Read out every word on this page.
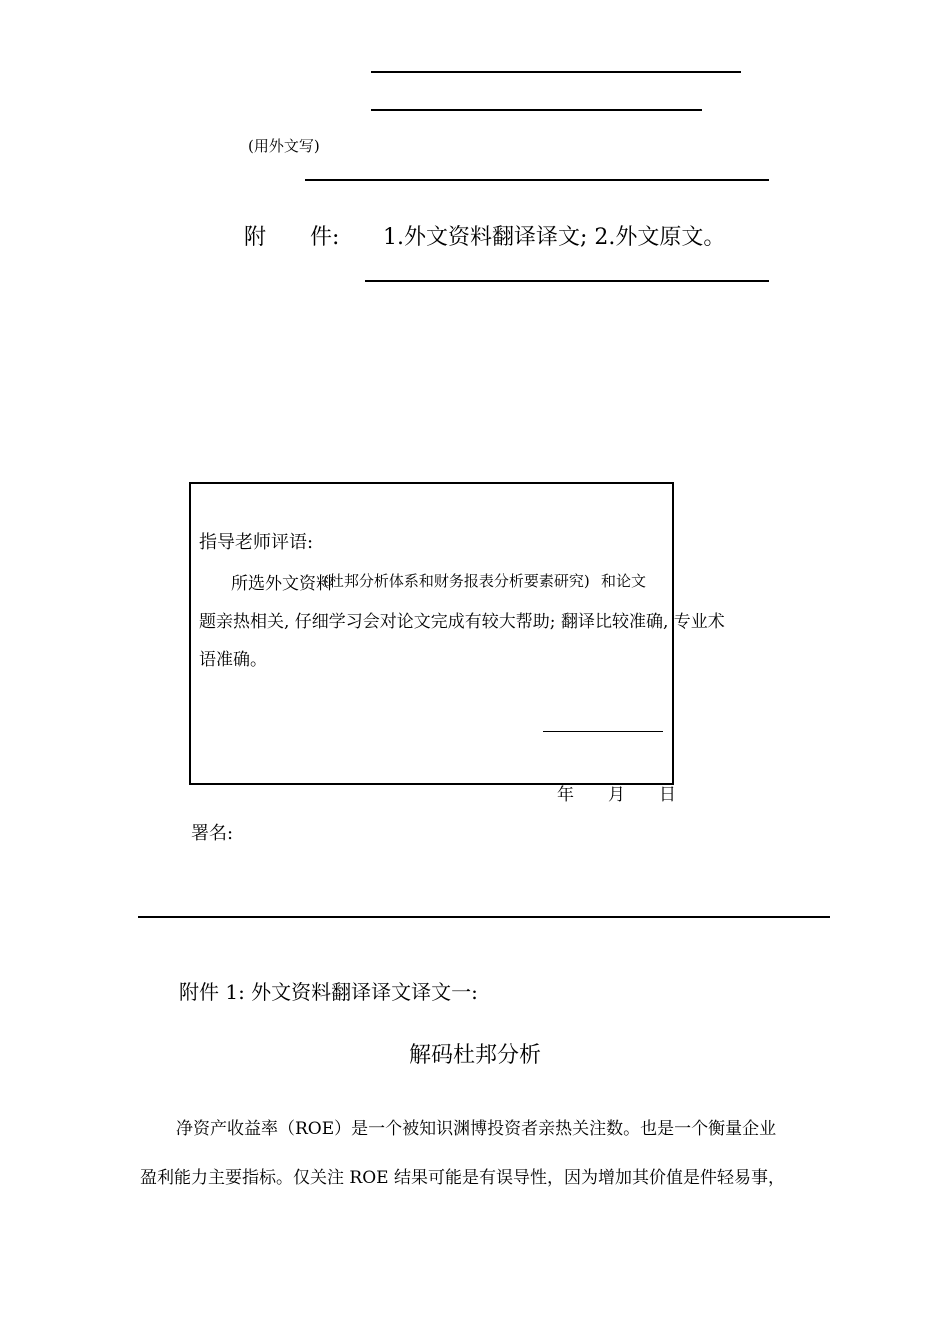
(用外文写)
附　　件: 1.外文资料翻译译文; 2.外文原文。
指导老师评语:
所选外文资料
(杜邦分析体系和财务报表分析要素研究) 和论文
题亲热相关, 仔细学习会对论文完成有较大帮助; 翻译比较准确, 专业术
语准确。
年　　月　　日
署名:
附件 1: 外文资料翻译译文译文一:
解码杜邦分析
净资产收益率（ROE）是一个被知识渊博投资者亲热关注数。也是一个衡量企业
盈利能力主要指标。仅关注 ROE 结果可能是有误导性，因为增加其价值是件轻易事，
